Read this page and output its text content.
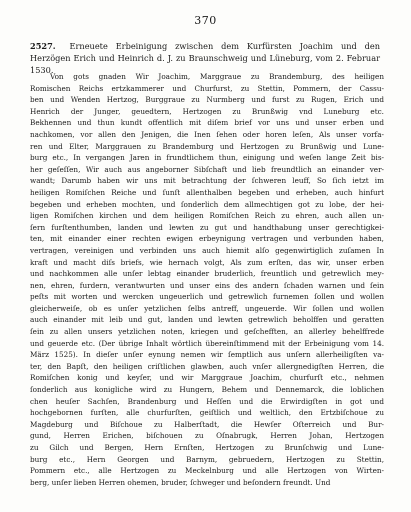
370
2527. Erneuete Erbeinigung zwischen dem Kurfürsten Joachim und den Herzögen Erich und Heinrich d. J. zu Braunschweig und Lüneburg, vom 2. Februar 1530.
Von gots gnaden Wir Joachim, Marggraue zu Brandemburg, des heiligen
Romischen Reichs ertzkammerer und Churfurst, zu Stettin, Pommern, der Cassu-
ben und Wenden Hertzog, Burggraue zu Nurmberg und furst zu Rugen, Erich und
Henrich der Junger, geuedtern, Hertzogen zu Brunßwig vnd Luneburg etc.
Bekhennen und thun kundt offentlich mit diſem brief vor uns und unser erben und
nachkomen, vor allen den Jenigen, die Inen ſehen oder horen leſen, Als unser vorfa-
ren und Elter, Marggrauen zu Brandemburg und Hertzogen zu Brunßwig und Lune-
burg etc., In vergangen Jaren in frundtlichem thun, einigung und weſen lange Zeit bis-
her geſeſſen, Wir auch aus angeborner Sibſchaft und lieb freundtlich an einander ver-
wandt; Darumb haben wir uns mit betrachtung der ſchweren leuff, So ſich ietzt im
heiligen Romiſchen Reiche und ſunſt allenthalben begeben und erheben, auch hinfurt
begeben und erheben mochten, und ſonderlich dem allmechtigen got zu lobe, der hei-
ligen Romiſchen kirchen und dem heiligen Romiſchen Reich zu ehren, auch allen un-
ſern furſtenthumben, landen und lewten zu gut und handthabung unser gerechtigkei-
ten, mit einander einer rechten ewigen erbeynigung vertragen und verbunden haben,
vertragen, vereinigen und verbinden uns auch hiemit alſo gegenwirtiglich zuſamen In
kraft und macht diſs briefs, wie hernach volgt, Als zum erſten, das wir, unser erben
und nachkommen alle unſer lebtag einander bruderlich, freuntlich und getrewlich mey-
nen, ehren, furdern, verantwurten und unser eins des andern ſchaden warnen und ſein
peſts mit worten und wercken ungeuerlich und getrewlich furnemen ſollen und wollen
gleicherweiſe, ob es unſer yetzlichen ſelbs antreff, ungeuerde. Wir ſollen und wollen
auch einander mit leib und gut, landen und lewten getrewlich beholffen und geratten
ſein zu allen unsers yetzlichen noten, kriegen und geſchefften, an allerley behelffrede
und geuerde etc. (Der übrige Inhalt wörtlich übereinſtimmend mit der Erbeinigung vom 14.
März 1525). In dieſer unſer eynung nemen wir ſemptlich aus unſern allerheiligſten va-
ter, den Bapſt, den heiligen criſtlichen glawben, auch vnſer allergnedigſten Herren, die
Romiſchen konig und keyſer, und wir Marggraue Joachim, churfurſt etc., nehmen
ſonderlich aus konigliche wird zu Hungern, Behem und Dennemarck, die loblichen
chen heuſer Sachſen, Brandenburg und Heſſen und die Erwirdigſten in got und
hochgebornen furſten, alle churfurſten, geiſtlich und weltlich, den Ertzbiſchoue zu
Magdeburg und Biſchoue zu Halberſtadt, die Hewſer Oſterreich und Bur-
gund, Herren Erichen, biſchouen zu Oſnabrugk, Herren Johan, Hertzogen
zu Gilch und Bergen, Hern Ernſten, Hertzogen zu Brunſchwig und Lune-
burg etc., Hern Georgen und Barnym, gebruedern, Hertzogen zu Stettin,
Pommern etc., alle Hertzogen zu Meckelnburg und alle Hertzogen von Wirten-
berg, unſer lieben Herren ohemen, bruder, ſchweger und beſondern freundt. Und
